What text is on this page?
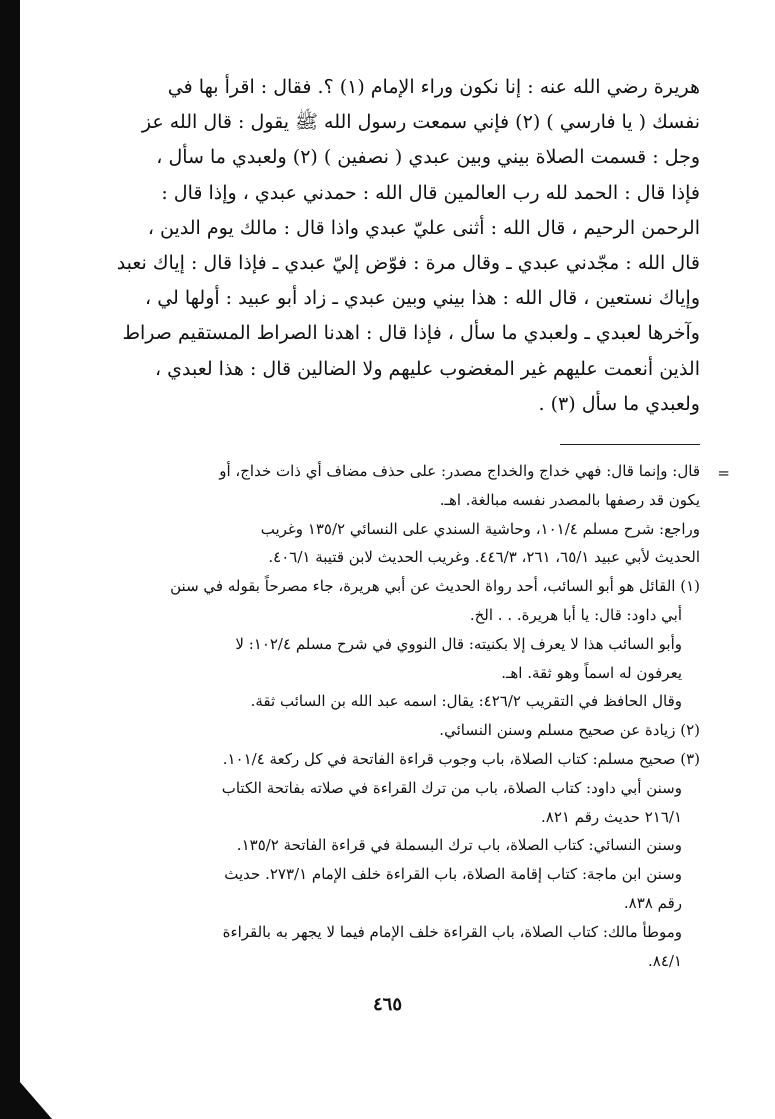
هريرة رضي الله عنه : إنا نكون وراء الإمام (١) ؟. فقال : اقرأ بها في
نفسك ( يا فارسي ) (٢) فإني سمعت رسول الله ﷺ يقول : قال الله عز
وجل : قسمت الصلاة بيني وبين عبدي ( نصفين ) (٢) ولعبدي ما سأل ،
فإذا قال : الحمد لله رب العالمين قال الله : حمدني عبدي ، وإذا قال :
الرحمن الرحيم ، قال الله : أثنى عليّ عبدي واذا قال : مالك يوم الدين ،
قال الله : مجّدني عبدي ـ وقال مرة : فوّض إليّ عبدي ـ فإذا قال : إياك نعبد
وإياك نستعين ، قال الله : هذا بيني وبين عبدي ـ زاد أبو عبيد : أولها لي ،
وآخرها لعبدي ـ ولعبدي ما سأل ، فإذا قال : اهدنا الصراط المستقيم صراط
الذين أنعمت عليهم غير المغضوب عليهم ولا الضالين قال : هذا لعبدي ،
ولعبدي ما سأل (٣) .

=
قال: وإنما قال: فهي خداج والخداج مصدر: على حذف مضاف أي ذات خداج، أو
يكون قد رصفها بالمصدر نفسه مبالغة. اهـ.
وراجع: شرح مسلم ١٠١/٤، وحاشية السندي على النسائي ١٣٥/٢ وغريب
الحديث لأبي عبيد ٦٥/١، ٢٦١، ٤٤٦/٣. وغريب الحديث لابن قتيبة ٤٠٦/١.
(١) القائل هو أبو السائب، أحد رواة الحديث عن أبي هريرة، جاء مصرحاً بقوله في سنن
أبي داود: قال: يا أبا هريرة. . . الخ.
وأبو السائب هذا لا يعرف إلا بكنيته: قال النووي في شرح مسلم ١٠٢/٤: لا
يعرفون له اسماً وهو ثقة. اهـ.
وقال الحافظ في التقريب ٤٢٦/٢: يقال: اسمه عبد الله بن السائب ثقة.
(٢) زيادة عن صحيح مسلم وسنن النسائي.
(٣) صحيح مسلم: كتاب الصلاة، باب وجوب قراءة الفاتحة في كل ركعة ١٠١/٤.
وسنن أبي داود: كتاب الصلاة، باب من ترك القراءة في صلاته بفاتحة الكتاب
٢١٦/١ حديث رقم ٨٢١.
وسنن النسائي: كتاب الصلاة، باب ترك البسملة في قراءة الفاتحة ١٣٥/٢.
وسنن ابن ماجة: كتاب إقامة الصلاة، باب القراءة خلف الإمام ٢٧٣/١. حديث
رقم ٨٣٨.
وموطأ مالك: كتاب الصلاة، باب القراءة خلف الإمام فيما لا يجهر به بالقراءة
٨٤/١.
٤٦٥
